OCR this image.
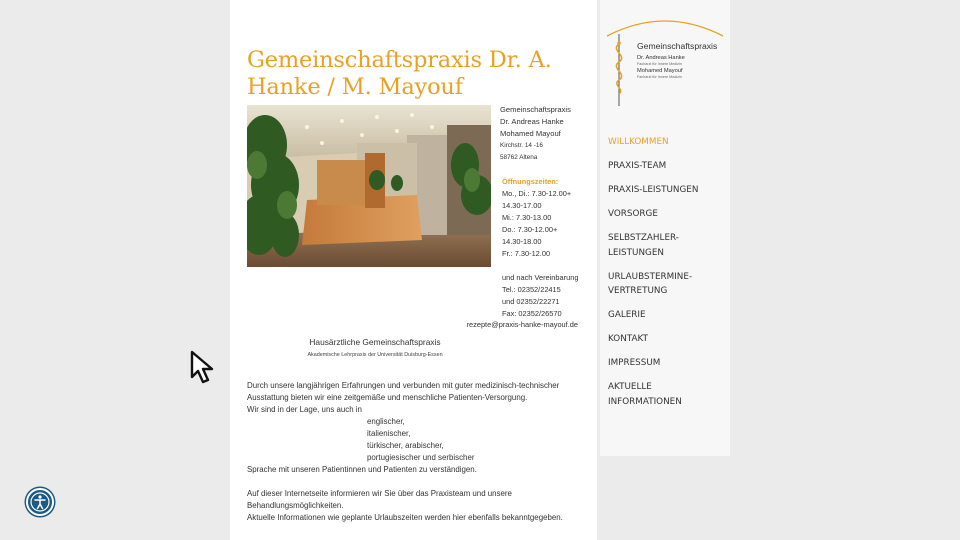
Gemeinschaftspraxis Dr. A.
Hanke / M. Mayouf
Gemeinschaftspraxis
Dr. Andreas Hanke
Mohamed Mayouf
Kirchstr. 14 -16
58762 Altena
Öffnungszeiten:
Mo., Di.: 7.30-12.00+
14.30-17.00
Mi.: 7.30-13.00
Do.: 7.30-12.00+
14.30-18.00
Fr.: 7.30-12.00
und nach Vereinbarung
Tel.: 02352/22415
und 02352/22271
Fax: 02352/26570
rezepte@praxis-hanke-mayouf.de
Hausärztliche Gemeinschaftspraxis
Akademische Lehrpraxis der Universität Duisburg-Essen
Durch unsere langjährigen Erfahrungen und verbunden mit guter medizinisch-technischer Ausstattung bieten wir eine zeitgemäße und menschliche Patienten-Versorgung.
Wir sind in der Lage, uns auch in
englischer,
italienischer,
türkischer, arabischer,
portugiesischer und serbischer
Sprache mit unseren Patientinnen und Patienten zu verständigen.
Auf dieser Internetseite informieren wir Sie über das Praxisteam und unsere Behandlungsmöglichkeiten.
Aktuelle Informationen wie geplante Urlaubszeiten werden hier ebenfalls bekanntgegeben.
Gemeinschaftspraxis
Dr. Andreas Hanke
Facharzt für Innere Medizin
Mohamed Mayouf
Facharzt für Innere Medizin
WILLKOMMEN
PRAXIS-TEAM
PRAXIS-LEISTUNGEN
VORSORGE
SELBSTZAHLER-
LEISTUNGEN
URLAUBSTERMINE-
VERTRETUNG
GALERIE
KONTAKT
IMPRESSUM
AKTUELLE
INFORMATIONEN
